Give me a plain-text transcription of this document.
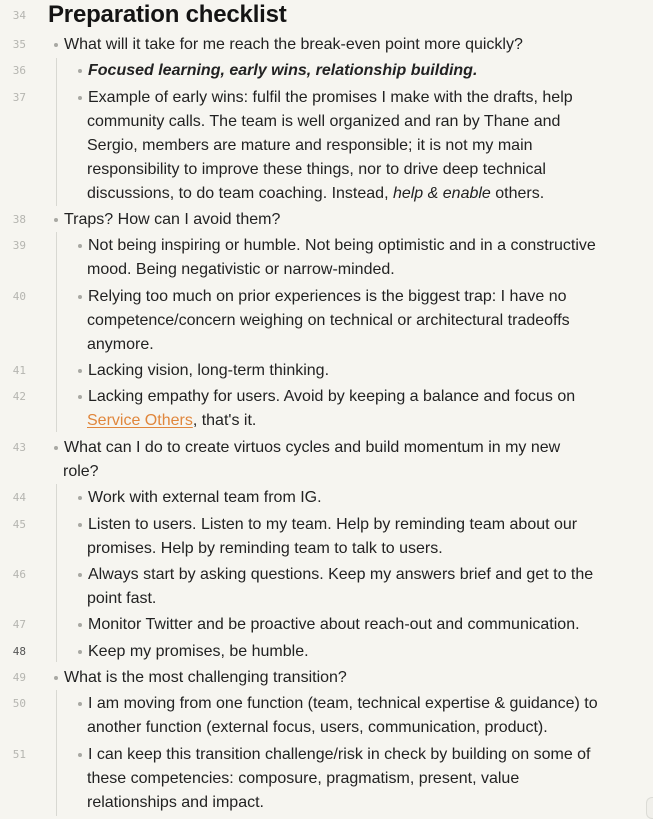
34 Preparation checklist
35 What will it take for me reach the break-even point more quickly?

36	Focused learning, early wins, relationship building.

37	Example of early wins: fulfil the promises I make with the drafts, help

community calls. The team is well organized and ran by Thane and

Sergio, members are mature and responsible; it is not my main

responsibility to improve these things, nor to drive deep technical

discussions, to do team coaching. Instead, help & enable others.

38 Traps? How can I avoid them?

39	Not being inspiring or humble. Not being optimistic and in a constructive

mood. Being negativistic or narrow-minded.

40	Relying too much on prior experiences is the biggest trap: I have no

competence/concern weighing on technical or architectural tradeoffs

anymore.

41	Lacking vision, long-term thinking.

42	Lacking empathy for users. Avoid by keeping a balance and focus on

Service Others, that's it.

43 What can I do to create virtuos cycles and build momentum in my new

role?

44	Work with external team from IG.

45	Listen to users. Listen to my team. Help by reminding team about our

promises. Help by reminding team to talk to users.

46	Always start by asking questions. Keep my answers brief and get to the

point fast.

47	Monitor Twitter and be proactive about reach-out and communication.

48	Keep my promises, be humble.

49 What is the most challenging transition?

50	I am moving from one function (team, technical expertise & guidance) to

another function (external focus, users, communication, product).

51	I can keep this transition challenge/risk in check by building on some of

these competencies: composure, pragmatism, present, value

relationships and impact.
